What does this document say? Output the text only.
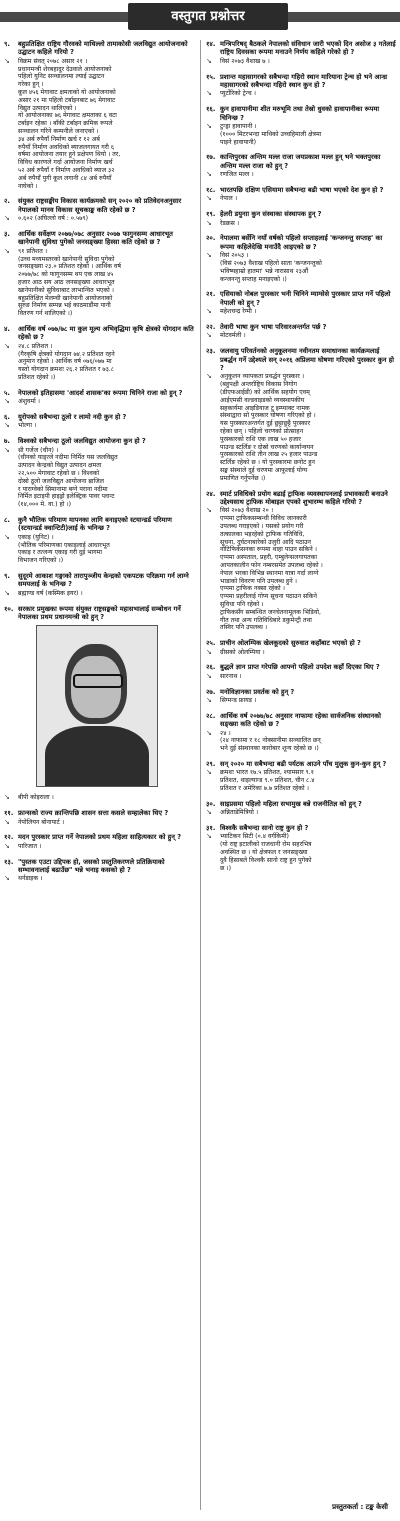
वस्तुगत प्रश्नोत्तर
९.	बहुप्रतिक्षित राष्ट्रिय गौरवको माथिल्लो तामाकोसी जलविद्युत आयोजनाको उद्घाटन कहिले गरियो ?
↘	विक्रम संवत् २०७८ असार २१ ।
प्रधानमन्त्री शेरबहादुर देउवाले आयोजनाको
पहिलो युनिट सञ्चालनमा ल्याई उद्घाटन
गरेका हुन् ।
कूल ४५६ मेगावाट क्षमताको यो आयोजनाको
असार २१ मा पहिलो टर्बाइनबाट ७६ मेगावाट
विद्युत उत्पादन थालिएको ।
यो आयोजनाका ७६ मेगावाट क्षमताका ६ वटा
टर्बाइन रहेका । बाँकी टर्बाइन क्रमिक रूपले
सञ्चालन गरिने कम्पनीले जनाएको ।
३४ अर्ब रुपैयाँ निर्माण खर्च र १२ अर्ब
रुपैयाँ निर्माण अवधिको ब्याजलगायत गरी ६
वर्षमा आयोजना तयार हुने प्रक्षेपण थियो । तर,
विविध कारणले गर्दा आयोजना निर्माण खर्च
५२ अर्ब रुपैयाँ र निर्माण अवधिको ब्याज ३२
अर्ब रुपैयाँ पुगी कूल लगानी ८४ अर्ब रुपैयाँ
नाघेको ।
२.	संयुक्त राष्ट्रसङ्घीय विकास कार्यक्रमको सन् २०२० को प्रतिवेदनअनुसार नेपालको मानव विकास सूचकाङ्क कति रहेको छ ?
↘	०.६०२ (अघिल्लो वर्ष : ०.५७९)
३.	आर्थिक सर्वेक्षण २०७७/०७८ अनुसार २०७७ फागुनसम्म आधारभूत खानेपानी सुविधा पुगेको जनसङ्ख्या हिस्सा कति रहेको छ ?
↘	९१ प्रतिशत ।
(उच्च मध्यमस्तरको खानेपानी सुविधा पुगेको
जनसङ्ख्या २३.० प्रतिशत रहेको । आर्थिक वर्ष
२०७७/७८ को फागुनसम्म थप एक लाख ४५
हजार आठ सय आठ जनसङ्ख्या आधारभूत
खानेपानीको सुविधाबाट लाभान्वित भएको ।
बहुप्रतिक्षित मेलम्ची खानेपानी आयोजनाको
सुरुङ निर्माण सम्पन्न भई काठमाडौंमा पानी
वितरण गर्न थालिएको ।)
४.	आर्थिक वर्ष ०७७/७८ मा कुल मूल्य अभिवृद्धिमा कृषि क्षेत्रको योगदान कति रहेको छ ?
↘	२४.८ प्रतिशत ।
(गैरकृषि क्षेत्रको योगदान ७४.२ प्रतिशत रहने
अनुमान रहेको । आर्थिक वर्ष ०७६/०७७ मा
यस्तो योगदान क्रमशः २६.२ प्रतिशत र ७३.८
प्रतिशत रहेको ।)
५.	नेपालको इतिहासमा 'आदर्श शासक'का रूपमा चिनिने राजा को हुन् ?
↘	अंशुवर्मा ।
६.	युरोपको सबैभन्दा ठूलो र लामो नदी कुन हो ?
↘	भोल्गा ।
७.	विश्वको सबैभन्दा ठूलो जलविद्युत आयोजना कुन हो ?
↘	थ्री गर्जेज (चीन) ।
(चीनको याङ्त्जे नदीमा निर्मित यस जलविद्युत
उत्पादन केन्द्रको विद्युत उत्पादन क्षमता
२२,५०० मेगावाट रहेको छ । विश्वको
दोस्रो ठूलो जलविद्युत आयोजना ब्राजिल
र पाराग्वेको सिमानामा बग्ने पराना नदीमा
निर्मित इटाइपी हाइड्रो इलेक्ट्रिक पावर प्लान्ट
(१४,००० मे. वा.) हो ।)
८.	कुनै भौतिक परिमाण मापनका लागि बनाइएको स्टयान्डर्ड परिमाण (स्टयान्डर्ड क्वान्टिटी)लाई के भनिन्छ ?
↘	एकाइ (युनिट) ।
(भौतिक परिमाणका एकाइलाई आधारभूत
एकाइ र तत्जन्य एकाइ गरी दुई भागमा
विभाजन गरिएको ।)
९.	सुदूरमे आकाश गङ्गाको तारापुञ्जीय केन्द्रको एकपटक परिक्रमा गर्न लाग्ने समयलाई के भनिन्छ ?
↘	ब्रह्माण्ड वर्ष (कस्मिक इयर) ।
१०. सरकार प्रमुखका रूपमा संयुक्त राष्ट्रसङ्घको महासभालाई सम्बोधन गर्ने नेपालका प्रथम प्रधानमन्त्री को हुन् ?
↘	बीपी कोइराला ।
११. फ्रान्सको राज्य क्रान्तिपछि शासन सत्ता कसले सम्हालेका थिए ?
↘	नेपोलियन बोनापार्ट ।
१२. मदन पुरस्कार प्राप्त गर्ने नेपालको प्रथम महिला साहित्यकार को हुन् ?
↘	पारिजात ।
१३. "पुस्तक एउटा उद्दिपक हो, जसको प्रस्तुतिकरणले प्रतिक्रियाको सम्भावनालाई बढाउँछ" भन्ने भनाइ कसको हो ?
↘	थर्नडाइक ।
१४. मन्त्रिपरिषद् बैठकले नेपालको संविधान जारी भएको दिन असोज ३ गतेलाई राष्ट्रिय दिवसका रूपमा मनाउने निर्णय कहिले गरेको हो ?
↘	विसं २०७३ वैशाख ७ ।
१५. प्रशान्त महासागरको सबैभन्दा गहिरो स्थान मारियाना ट्रेन्च हो भने आन्ध्र महासागरको सबैभन्दा गहिरो स्थान कुन हो ?
↘	प्युर्टोरिको ट्रेन्च ।
१६. कुन हावापानीमा शीत मरुभूमि तथा तेस्रो धुवको हावापानीका रूपमा चिनिन्छ ?
↘	टुन्ड्रा हावापानी ।
(१००० मिटरभन्दा माथिको उच्चहिमाली क्षेत्रमा
पाइने हावापानी)
१७. कान्तिपुरका अन्तिम मल्ल राजा जयप्रकाश मल्ल हुन् भने भक्तपुरका अन्तिम मल्ल राजा को हुन् ?
↘	रणजित मल्ल ।
१८. भारतपछि दक्षिण एसियामा सबैभन्दा बढी भाषा भएको देश कुन हो ?
↘	नेपाल ।
१९. हेलरी डयुनाा कुन संस्थाका संस्थापक हुन् ?
↘	रेडक्रस ।
२०. नेपालमा बर्सेनि नयाँ वर्षको पहिलो सप्ताहलाई 'कन्जनन्तु सप्ताह' का रूपमा कहिलेदेखि मनाउँदै आइएको छ ?
↘	विसं २०५३ ।
(विसं २०७३ वैशाख पहिलो साता 'कन्जनन्तुको
भविष्यहाम्रो हातमा' भन्ने नारासाथ २३औं
कन्जनन्तु सप्ताह मनाइएको ।)
२१. एसियाको नोबल पुरस्कार भनी चिनिने म्याग्सेसे पुरस्कार प्राप्त गर्ने पहिलो नेपाली को हुन् ?
↘	महेशचन्द्र रेग्मी ।
२२. तेवारी भाषा कुन भाषा परिवारअन्तर्गत पर्छ ?
↘	मोटवर्मली ।
२३. जलवायु परिवर्तनको अनुकूलनमा नवीनतम समाधानका कार्यक्रमलाई प्रबर्द्धन गर्ने उद्देश्यले सन् २०१६ अप्रिलमा घोषणा गरिएको पुरस्कार कुन हो ?
↘	अनुकूलन व्यापकता प्रवर्द्धन पुरस्कार ।
(बहुपक्षी अन्तर्राष्ट्रिय विकास निगोग
(डीएफआईडी) को आर्थिक सहयोग एवम्
आईएमसी वल्डवाइडको व्यवस्थापकीय
सहकार्यमा आइडियाज टु इम्प्याक्ट नामक
संस्थाद्वारा सो पुरस्कार घोषणा गरिएको हो ।
यस पुरस्कारअन्तर्गत दुई छुट्टाछुट्टै पुरस्कार
रहेका छन् । पहिलो चरणको प्रोत्साहन
पुरस्कारको राशि एक लाख ५० हजार
पाउन्ड स्टर्लिङ र दोस्रो चरणको कार्यान्वयन
पुरस्कारको राशि तीन लाख २५ हजार पाउन्ड
स्टर्लिङ रहेको छ । यो पुरस्कारमा छनोट हुन
सङ्घ संस्थाले दुई चरणमा आफूलाई योग्य
प्रमाणित गर्नुपर्नेछ ।)
२४. स्मार्ट प्रविधिको प्रयोग बढाई ट्राफिक व्यवस्थापनलाई प्रभावकारी बनाउने उद्देश्यसाथ ट्राफिक मोबाइल एपको शुभारम्भ कहिले गरियो ?
↘	विसं २०७३ वैशाख २० ।
एप्पमा ट्राफिकसम्बन्धी विविध जानकारी
उपलब्ध गराइएको । यसको प्रयोग गरी
तत्कालका भइरहेको ट्राफिक गतिविधि,
सूचना, दुर्घटनाबारेको उजुरी आदि पठाउन
नोटिफिकेसनका रूपमा थाहा पाउन सकिने ।
एप्पमा अस्पताल, प्रहरी, एम्बुलेन्सलगायतका
आपतकालीन फोन नम्बरसमेत उपलब्ध रहेको ।
नेपाल भरका विभिन्न स्थानमा यात्रा गर्दा लाग्ने
भाडाको विवरण पनि उपलब्ध हुने ।
एप्पमा ट्राफिक नक्सा रहेको ।
एप्पमा प्रहरीलाई गोप्य सूचना पठाउन सकिने
सुविधा पनि रहेको ।
ट्राफिकसँग सम्बन्धित जनचेतनामूलक भिडियो,
गीत तथा अन्य गतिविधिबारे डकुमेन्ट्री तथा
तस्विर पनि उपलब्ध ।
२५. प्राचीन ओलम्पिक खेलकूदको सुरुवात कहाँबाट भएको हो ?
↘	ग्रीसको ओलम्पिया ।
२६. बुद्धले ज्ञान प्राप्त गरेपछि आफ्नो पहिलो उपदेश कहाँ दिएका थिए ?
↘	सारनाथ ।
२७. मनोविज्ञानका प्रवर्तक को हुन् ?
↘	सिग्मन्ड फ्रायड ।
२८. आर्थिक वर्ष २०७७/७८ अनुसार नाफामा रहेका सार्वजनिक संस्थानको सङ्ख्या कति रहेको छ ?
↘	२४ ।
(२४ नाफामा र १८ नोक्सानीमा सञ्चालित छन्
भने दुई संस्थानका कारोबार शून्य रहेको छ ।)
२९. सन् २०२० मा सबैभन्दा बढी पर्यटक आउने पाँच मुलुक कुन-कुन हुन् ?
↘	क्रमशः भारत १७.५ प्रतिशत, श्यामसार ९.१
प्रतिशत, थाइल्यान्ड ९.० प्रतिशत, चीन ८.४
प्रतिशत र अमेरिका ७.७ प्रतिशत रहेको ।
३०. साइप्रसमा पहिलो महिला सभामुख बन्ने राजनीतिज्ञ को हुन् ?
↘	अन्निताडेमित्रियो ।
३१. विश्वकै सबैभन्दा सानो राष्ट्र कुन हो ?
↘	भ्याटिकन सिटी (०.४ वर्गकिमी)
(यो राष्ट्र इटालीको राजधानी रोम सहरभित्र
अवस्थित छ । यो क्षेत्रफल र जनसङ्ख्या
दुवै हिसाबले विश्वकै सानो राष्ट्र हुन पुगेको
छ ।)
प्रस्तुतकर्ता : टङ्क केसी
